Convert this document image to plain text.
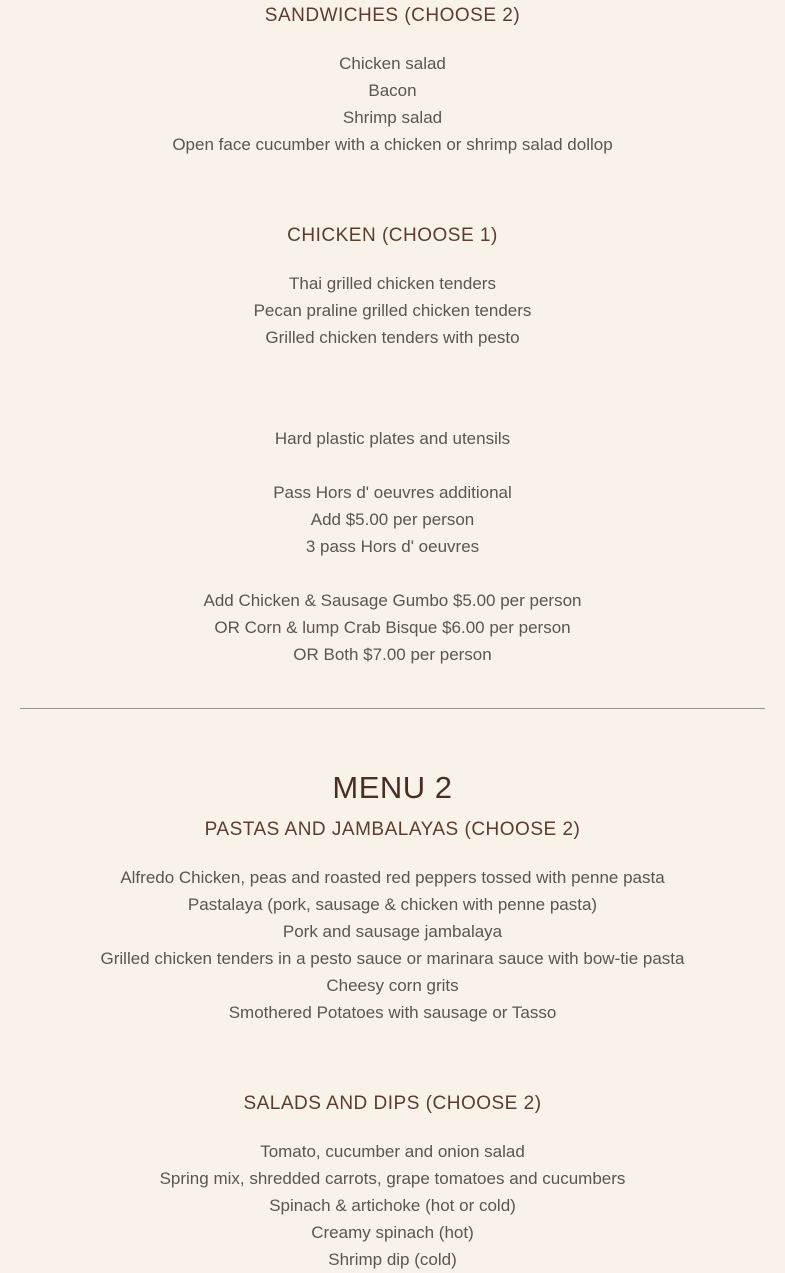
SANDWICHES (CHOOSE 2)
Chicken salad
Bacon
Shrimp salad
Open face cucumber with a chicken or shrimp salad dollop
CHICKEN (CHOOSE 1)
Thai grilled chicken tenders
Pecan praline grilled chicken tenders
Grilled chicken tenders with pesto
Hard plastic plates and utensils
Pass Hors d' oeuvres additional
Add $5.00 per person
3 pass Hors d' oeuvres
Add Chicken & Sausage Gumbo $5.00 per person
OR Corn & lump Crab Bisque $6.00 per person
OR Both $7.00 per person
MENU 2
PASTAS AND JAMBALAYAS (CHOOSE 2)
Alfredo Chicken, peas and roasted red peppers tossed with penne pasta
Pastalaya (pork, sausage & chicken with penne pasta)
Pork and sausage jambalaya
Grilled chicken tenders in a pesto sauce or marinara sauce with bow-tie pasta
Cheesy corn grits
Smothered Potatoes with sausage or Tasso
SALADS AND DIPS (CHOOSE 2)
Tomato, cucumber and onion salad
Spring mix, shredded carrots, grape tomatoes and cucumbers
Spinach & artichoke (hot or cold)
Creamy spinach (hot)
Shrimp dip (cold)
